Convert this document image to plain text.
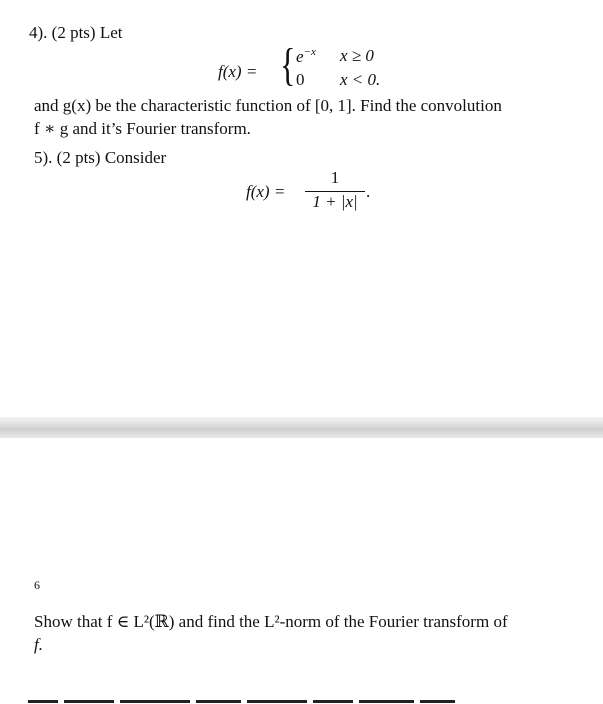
4). (2 pts) Let
f(x) = { $e^{-x}$ x ≥ 0
0 x < 0.
and g(x) be the characteristic function of [0, 1]. Find the convolution
f ∗ g and it’s Fourier transform.
5). (2 pts) Consider
f(x) =
1
1 + |x|
.
6
Show that f ∈ L²(ℝ) and find the L²-norm of the Fourier transform of
f.
